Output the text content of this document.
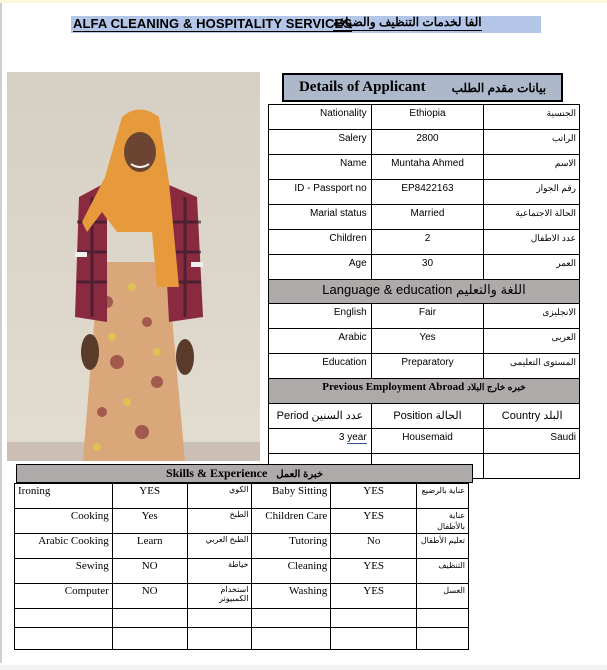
ALFA CLEANING & HOSPITALITY SERVICES
الفا لخدمات التنظيف والضيافة
Details of Applicant بيانات مقدم الطلب
Nationality	Ethiopia	الجنسية
Salery	2800	الراتب
Name	Muntaha Ahmed	الاسم
ID - Passport no	EP8422163	رقم الجواز
Marial status	Married	الحالة الاجتماعية
Children	2	عدد الاطفال
Age	30	العمر
Language & education اللغة والتعليم		
English	Fair	الانجليزى
Arabic	Yes	العربى
Education	Preparatory	المستوى التعليمى
Previous Employment Abroad خبره خارج البلاد		
Period عدد السنين	Position الحالة	Country البلد
3 year	Housemaid	Saudi

Skills & Experience خبرة العمل
Ironing	YES	الكوي	Baby Sitting	YES	عناية بالرضيع
Cooking	Yes	الطبخ	Children Care	YES	عناية بالأطفال
Arabic Cooking	Learn	الطبخ العربي	Tutoring	No	تعليم الأطفال
Sewing	NO	خياطة	Cleaning	YES	التنظيف
Computer	NO	استخدام الكمبيوتر	Washing	YES	الغسل
